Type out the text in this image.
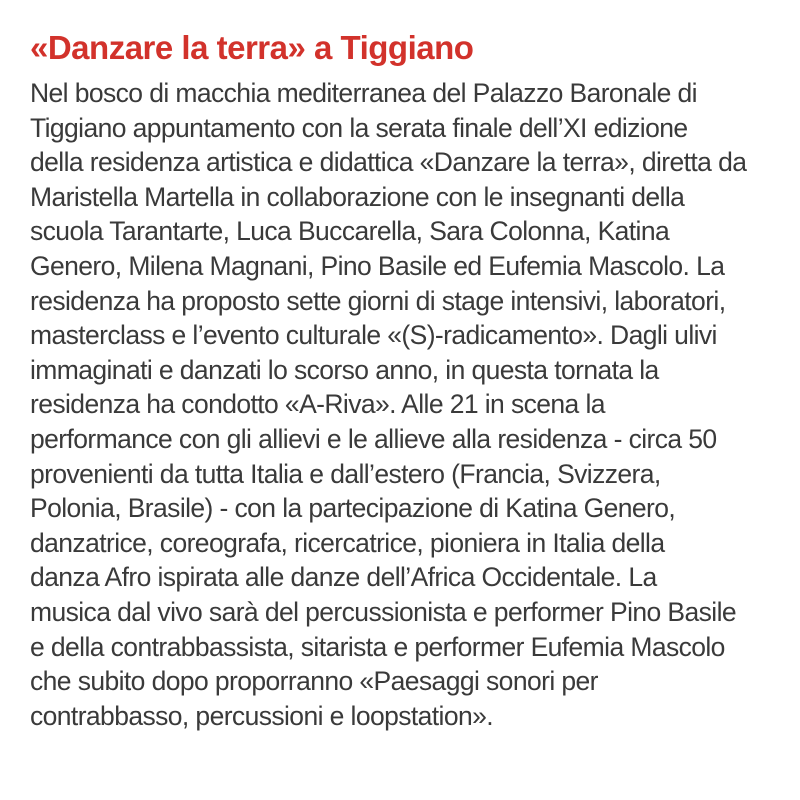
«Danzare la terra» a Tiggiano
Nel bosco di macchia mediterranea del Palazzo Baronale di
Tiggiano appuntamento con la serata finale dell’XI edizione
della residenza artistica e didattica «Danzare la terra», diretta da
Maristella Martella in collaborazione con le insegnanti della
scuola Tarantarte, Luca Buccarella, Sara Colonna, Katina
Genero, Milena Magnani, Pino Basile ed Eufemia Mascolo. La
residenza ha proposto sette giorni di stage intensivi, laboratori,
masterclass e l’evento culturale «(S)-radicamento». Dagli ulivi
immaginati e danzati lo scorso anno, in questa tornata la
residenza ha condotto «A-Riva». Alle 21 in scena la
performance con gli allievi e le allieve alla residenza - circa 50
provenienti da tutta Italia e dall’estero (Francia, Svizzera,
Polonia, Brasile) - con la partecipazione di Katina Genero,
danzatrice, coreografa, ricercatrice, pioniera in Italia della
danza Afro ispirata alle danze dell’Africa Occidentale. La
musica dal vivo sarà del percussionista e performer Pino Basile
e della contrabbassista, sitarista e performer Eufemia Mascolo
che subito dopo proporranno «Paesaggi sonori per
contrabbasso, percussioni e loopstation».
